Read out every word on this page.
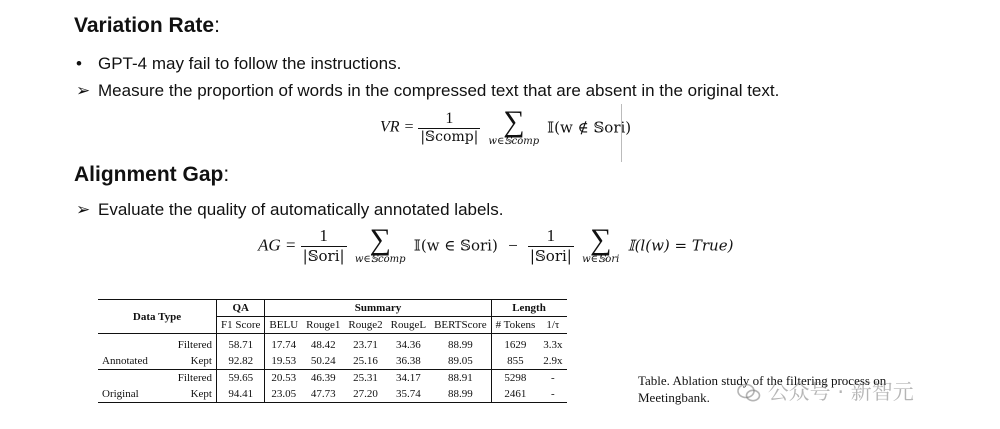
Variation Rate:
• GPT-4 may fail to follow the instructions.
➢ Measure the proportion of words in the compressed text that are absent in the original text.
VR = $\frac{1}{\text{|𝕊comp|}}$
∑
w∈𝕊comp
𝕀(w ∉ 𝕊ori)
Alignment Gap:
➢ Evaluate the quality of automatically annotated labels.
AG = $\frac{1}{\text{|𝕊ori|}}$
∑
w∈𝕊comp
𝕀(w ∈ 𝕊ori) − $\frac{1}{\text{|𝕊ori|}}$
∑
w∈𝕊ori
𝕀(l(w) = True)
Data Type		QA	Summary					Length	
		F1 Score	BELU	Rouge1	Rouge2	RougeL	BERTScore	# Tokens	1/τ
	Filtered	58.71	17.74	48.42	23.71	34.36	88.99	1629	3.3x
Annotated	Kept	92.82	19.53	50.24	25.16	36.38	89.05	855	2.9x
	Filtered	59.65	20.53	46.39	25.31	34.17	88.91	5298	-
Original	Kept	94.41	23.05	47.73	27.20	35.74	88.99	2461	-
Table. Ablation study of the filtering process on Meetingbank.	公众号 · 新智元
